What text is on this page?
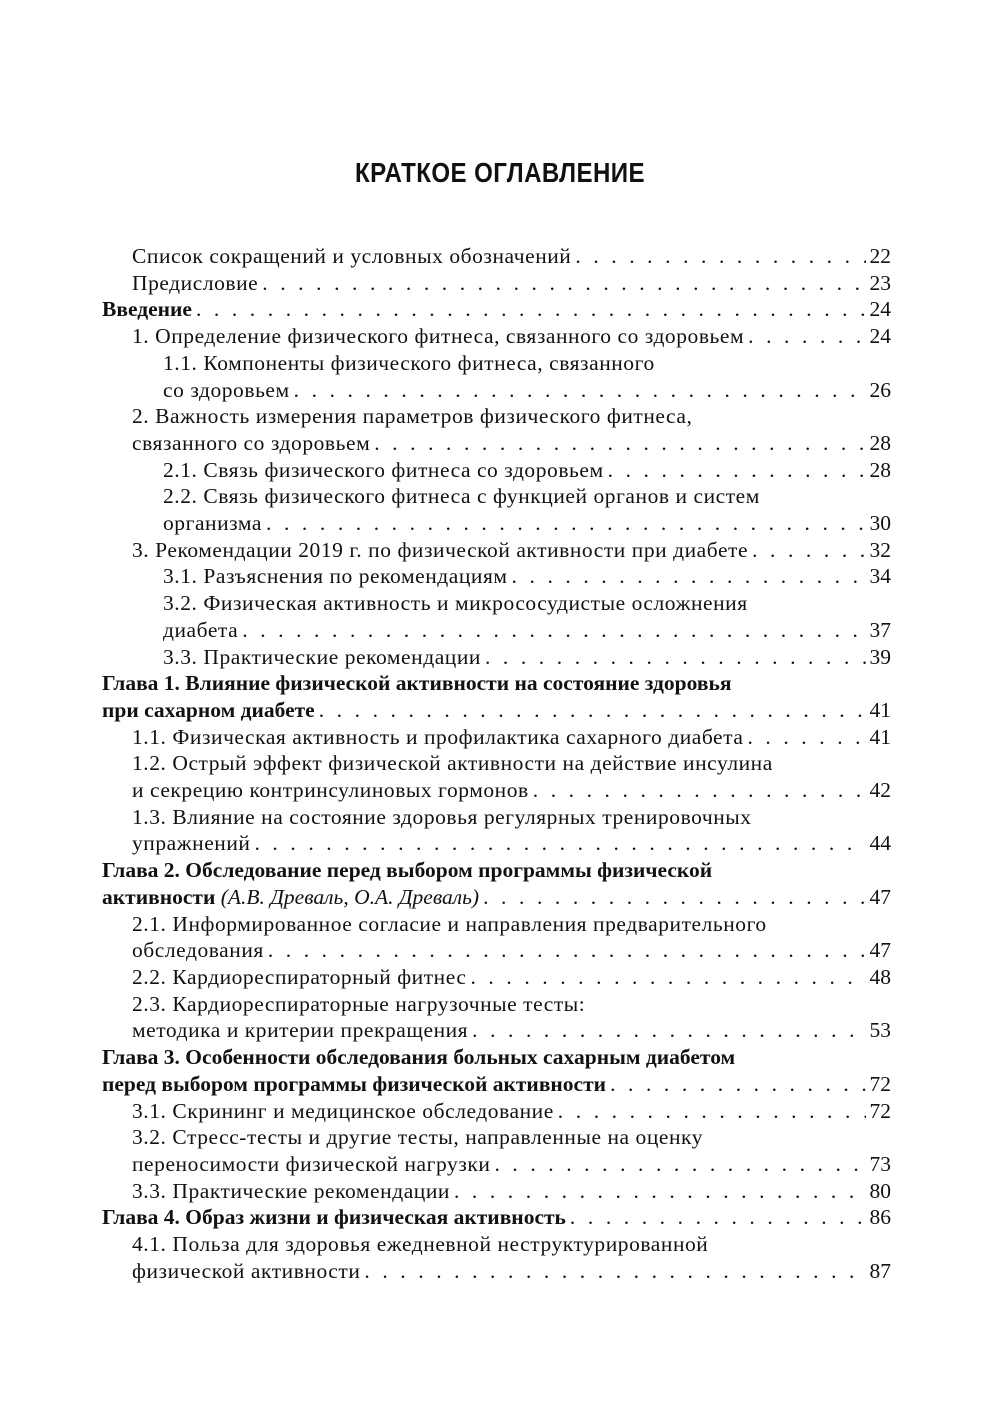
КРАТКОЕ ОГЛАВЛЕНИЕ
Список сокращений и условных обозначений . . .	22
Предисловие . . .	23
Введение . . .	24
1. Определение физического фитнеса, связанного со здоровьем . . .	24
1.1. Компоненты физического фитнеса, связанного
со здоровьем . . .	26
2. Важность измерения параметров физического фитнеса,
связанного со здоровьем . . .	28
2.1. Связь физического фитнеса со здоровьем . . .	28
2.2. Связь физического фитнеса с функцией органов и систем
организма . . .	30
3. Рекомендации 2019 г. по физической активности при диабете . . .	32
3.1. Разъяснения по рекомендациям . . .	34
3.2. Физическая активность и микрососудистые осложнения
диабета . . .	37
3.3. Практические рекомендации . . .	39
Глава 1. Влияние физической активности на состояние здоровья
при сахарном диабете . . .	41
1.1. Физическая активность и профилактика сахарного диабета . . .	41
1.2. Острый эффект физической активности на действие инсулина
и секрецию контринсулиновых гормонов . . .	42
1.3. Влияние на состояние здоровья регулярных тренировочных
упражнений . . .	44
Глава 2. Обследование перед выбором программы физической
активности (А.В. Древаль, О.А. Древаль) . . .	47
2.1. Информированное согласие и направления предварительного
обследования . . .	47
2.2. Кардиореспираторный фитнес . . .	48
2.3. Кардиореспираторные нагрузочные тесты:
методика и критерии прекращения . . .	53
Глава 3. Особенности обследования больных сахарным диабетом
перед выбором программы физической активности . . .	72
3.1. Скрининг и медицинское обследование . . .	72
3.2. Стресс-тесты и другие тесты, направленные на оценку
переносимости физической нагрузки . . .	73
3.3. Практические рекомендации . . .	80
Глава 4. Образ жизни и физическая активность . . .	86
4.1. Польза для здоровья ежедневной неструктурированной
физической активности . . .	87
